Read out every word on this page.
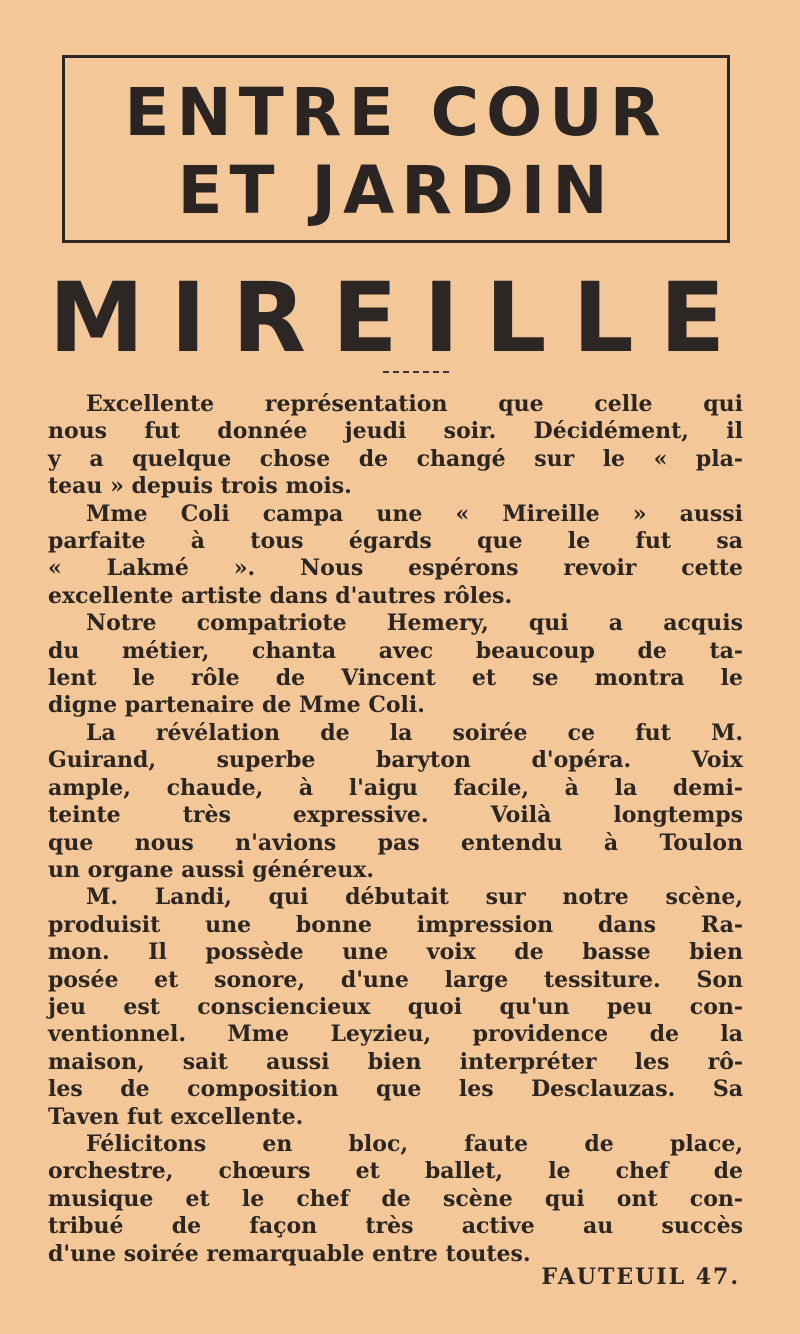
ENTRE COUR
ET JARDIN
MIREILLE

Excellente représentation que celle qui
nous fut donnée jeudi soir. Décidément, il
y a quelque chose de changé sur le « pla-
teau » depuis trois mois.

Mme Coli campa une « Mireille » aussi
parfaite à tous égards que le fut sa
« Lakmé ». Nous espérons revoir cette
excellente artiste dans d'autres rôles.

Notre compatriote Hemery, qui a acquis
du métier, chanta avec beaucoup de ta-
lent le rôle de Vincent et se montra le
digne partenaire de Mme Coli.

La révélation de la soirée ce fut M.
Guirand, superbe baryton d'opéra. Voix
ample, chaude, à l'aigu facile, à la demi-
teinte très expressive. Voilà longtemps
que nous n'avions pas entendu à Toulon
un organe aussi généreux.

M. Landi, qui débutait sur notre scène,
produisit une bonne impression dans Ra-
mon. Il possède une voix de basse bien
posée et sonore, d'une large tessiture. Son
jeu est consciencieux quoi qu'un peu con-
ventionnel. Mme Leyzieu, providence de la
maison, sait aussi bien interpréter les rô-
les de composition que les Desclauzas. Sa
Taven fut excellente.

Félicitons en bloc, faute de place,
orchestre, chœurs et ballet, le chef de
musique et le chef de scène qui ont con-
tribué de façon très active au succès
d'une soirée remarquable entre toutes.

FAUTEUIL 47.
